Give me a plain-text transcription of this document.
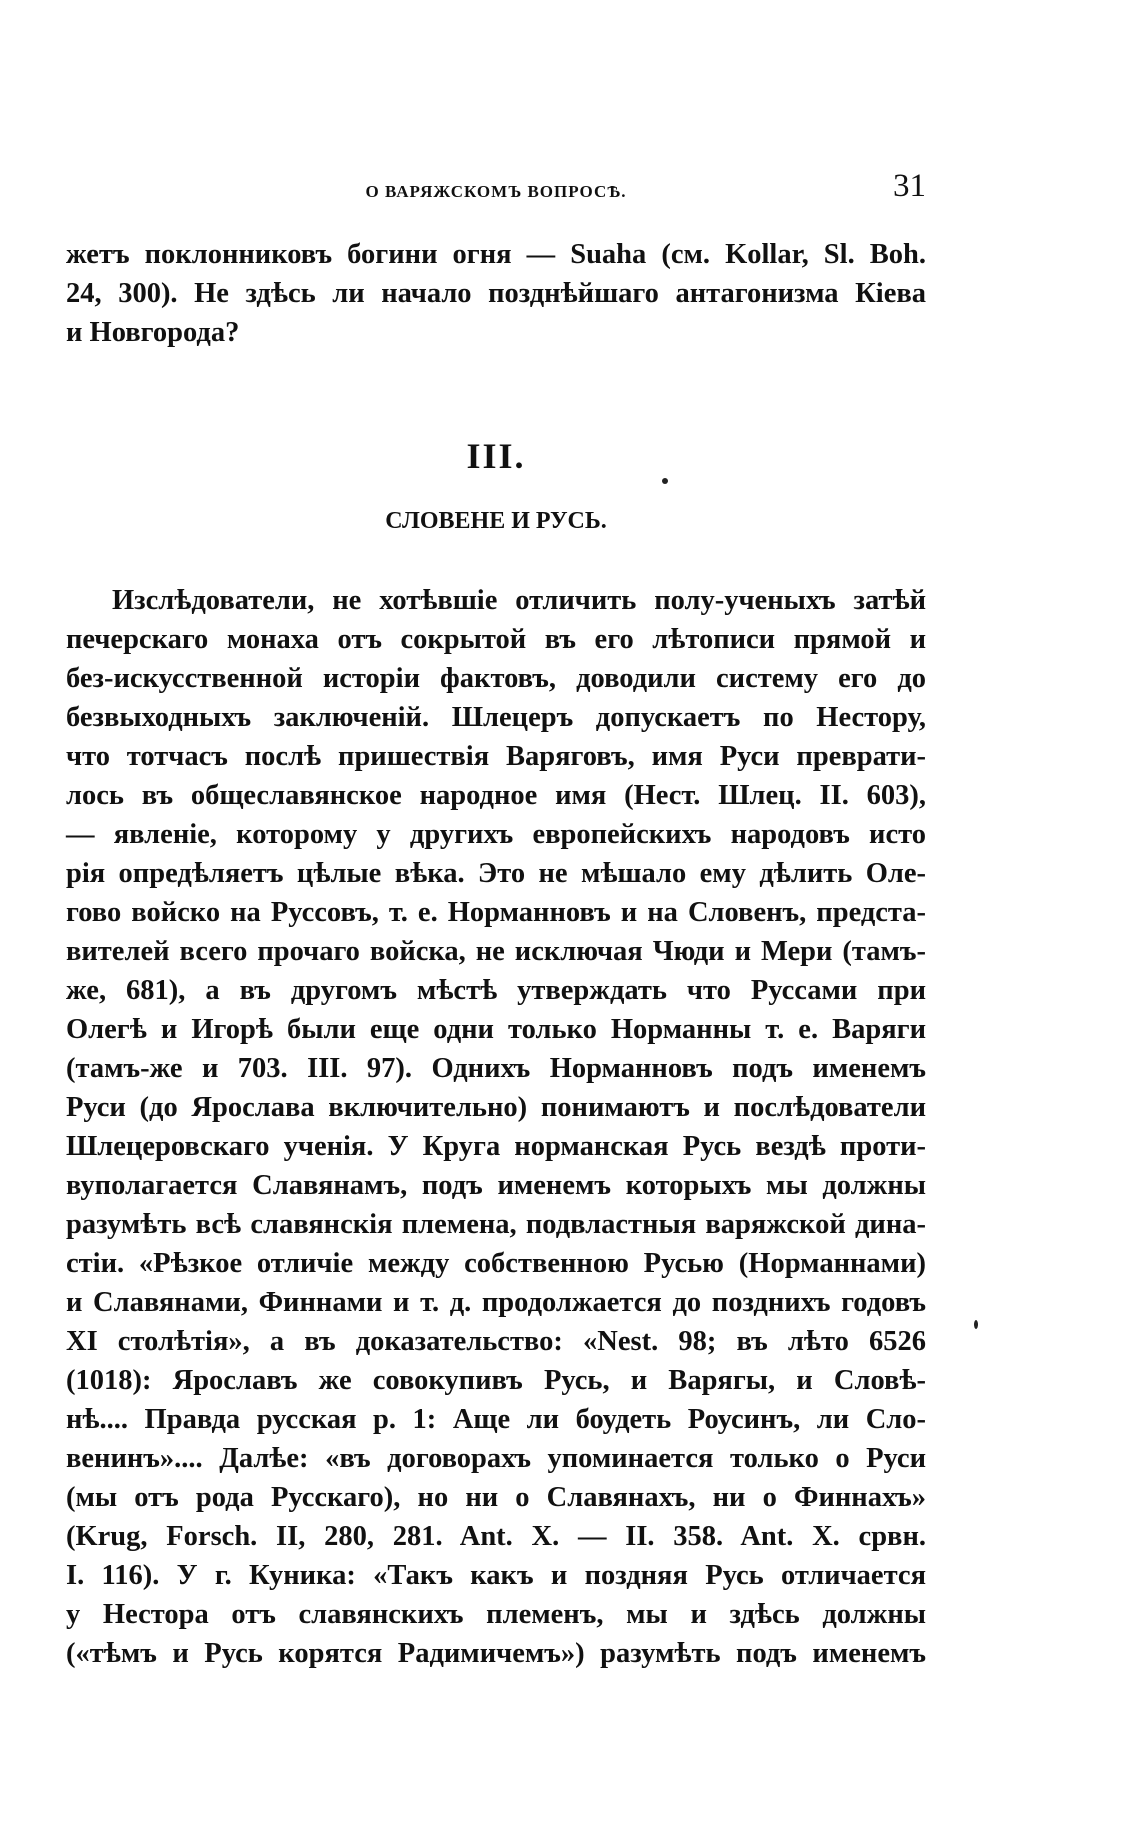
О ВАРЯЖСКОМЪ ВОПРОСѢ.	31
жетъ поклонниковъ богини огня — Suaha (см. Kollar, Sl. Boh.
24, 300). Не здѣсь ли начало позднѣйшаго антагонизма Кіева
и Новгорода?
III.
СЛОВЕНЕ И РУСЬ.
Изслѣдователи, не хотѣвшіе отличить полу-ученыхъ затѣй
печерскаго монаха отъ сокрытой въ его лѣтописи прямой и
без-искусственной исторіи фактовъ, доводили систему его до
безвыходныхъ заключеній. Шлецеръ допускаетъ по Нестору,
что тотчасъ послѣ пришествія Варяговъ, имя Руси преврати-
лось въ общеславянское народное имя (Нест. Шлец. II. 603),
— явленіе, которому у другихъ европейскихъ народовъ исто
рія опредѣляетъ цѣлые вѣка. Это не мѣшало ему дѣлить Оле-
гово войско на Руссовъ, т. е. Норманновъ и на Словенъ, предста-
вителей всего прочаго войска, не исключая Чюди и Мери (тамъ-
же, 681), а въ другомъ мѣстѣ утверждать что Руссами при
Олегѣ и Игорѣ были еще одни только Норманны т. е. Варяги
(тамъ-же и 703. III. 97). Однихъ Норманновъ подъ именемъ
Руси (до Ярослава включительно) понимаютъ и послѣдователи
Шлецеровскаго ученія. У Круга норманская Русь вездѣ проти-
вуполагается Славянамъ, подъ именемъ которыхъ мы должны
разумѣть всѣ славянскія племена, подвластныя варяжской дина-
стіи. «Рѣзкое отличіе между собственною Русью (Норманнами)
и Славянами, Финнами и т. д. продолжается до позднихъ годовъ
XI столѣтія», а въ доказательство: «Nest. 98; въ лѣто 6526
(1018): Ярославъ же совокупивъ Русь, и Варягы, и Словѣ-
нѣ.... Правда русская р. 1: Аще ли боудеть Роусинъ, ли Сло-
венинъ».... Далѣе: «въ договорахъ упоминается только о Руси
(мы отъ рода Русскаго), но ни о Славянахъ, ни о Финнахъ»
(Krug, Forsch. II, 280, 281. Ant. X. — II. 358. Ant. X. срвн.
I. 116). У г. Куника: «Такъ какъ и поздняя Русь отличается
у Нестора отъ славянскихъ племенъ, мы и здѣсь должны
(«тѣмъ и Русь корятся Радимичемъ») разумѣть подъ именемъ
